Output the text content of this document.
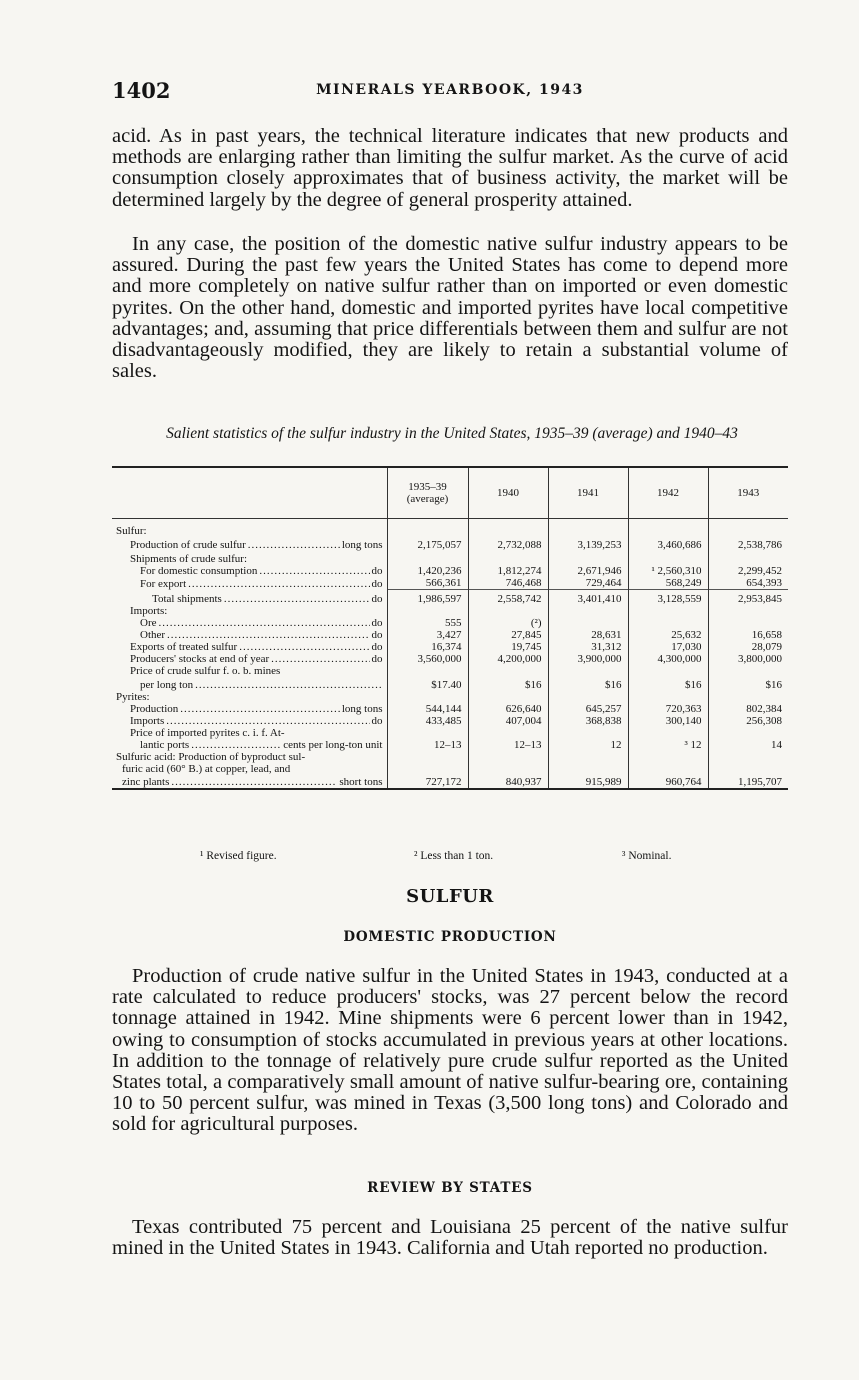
1402	MINERALS YEARBOOK, 1943

acid. As in past years, the technical literature indicates that new products and methods are enlarging rather than limiting the sulfur market. As the curve of acid consumption closely approximates that of business activity, the market will be determined largely by the degree of general prosperity attained.

In any case, the position of the domestic native sulfur industry appears to be assured. During the past few years the United States has come to depend more and more completely on native sulfur rather than on imported or even domestic pyrites. On the other hand, domestic and imported pyrites have local competitive advantages; and, assuming that price differentials between them and sulfur are not disadvantageously modified, they are likely to retain a substantial volume of sales.

Salient statistics of the sulfur industry in the United States, 1935–39 (average) and 1940–43
	1935–39 (average)	1940	1941	1942	1943

Sulfur:					

Production of crude sulfur ..... long tons	2,175,057	2,732,088	3,139,253	3,460,686	2,538,786

Shipments of crude sulfur:					

For domestic consumption ..... do	1,420,236	1,812,274	2,671,946	¹ 2,560,310	2,299,452

For export ..... do	566,361	746,468	729,464	568,249	654,393

Total shipments ..... do	1,986,597	2,558,742	3,401,410	3,128,559	2,953,845

Imports:					

Ore ..... do	555	(²)			

Other ..... do	3,427	27,845	28,631	25,632	16,658

Exports of treated sulfur ..... do	16,374	19,745	31,312	17,030	28,079

Producers' stocks at end of year ..... do	3,560,000	4,200,000	3,900,000	4,300,000	3,800,000

Price of crude sulfur f. o. b. mines					

per long ton
.....	$17.40	$16	$16	$16	$16

Pyrites:					

Production ..... long tons	544,144	626,640	645,257	720,363	802,384

Imports ..... do	433,485	407,004	368,838	300,140	256,308

Price of imported pyrites c. i. f. At-					

lantic ports ..... cents per long-ton unit	12–13	12–13	12	³ 12	14

Sulfuric acid: Production of byproduct sul-					

furic acid (60° B.) at copper, lead, and					

zinc plants ..... short tons	727,172	840,937	915,989	960,764	1,195,707
¹ Revised figure.	² Less than 1 ton.	³ Nominal.
SULFUR
DOMESTIC PRODUCTION

Production of crude native sulfur in the United States in 1943, conducted at a rate calculated to reduce producers' stocks, was 27 percent below the record tonnage attained in 1942. Mine shipments were 6 percent lower than in 1942, owing to consumption of stocks accumulated in previous years at other locations. In addition to the tonnage of relatively pure crude sulfur reported as the United States total, a comparatively small amount of native sulfur-bearing ore, containing 10 to 50 percent sulfur, was mined in Texas (3,500 long tons) and Colorado and sold for agricultural purposes.

REVIEW BY STATES

Texas contributed 75 percent and Louisiana 25 percent of the native sulfur mined in the United States in 1943. California and Utah reported no production.
